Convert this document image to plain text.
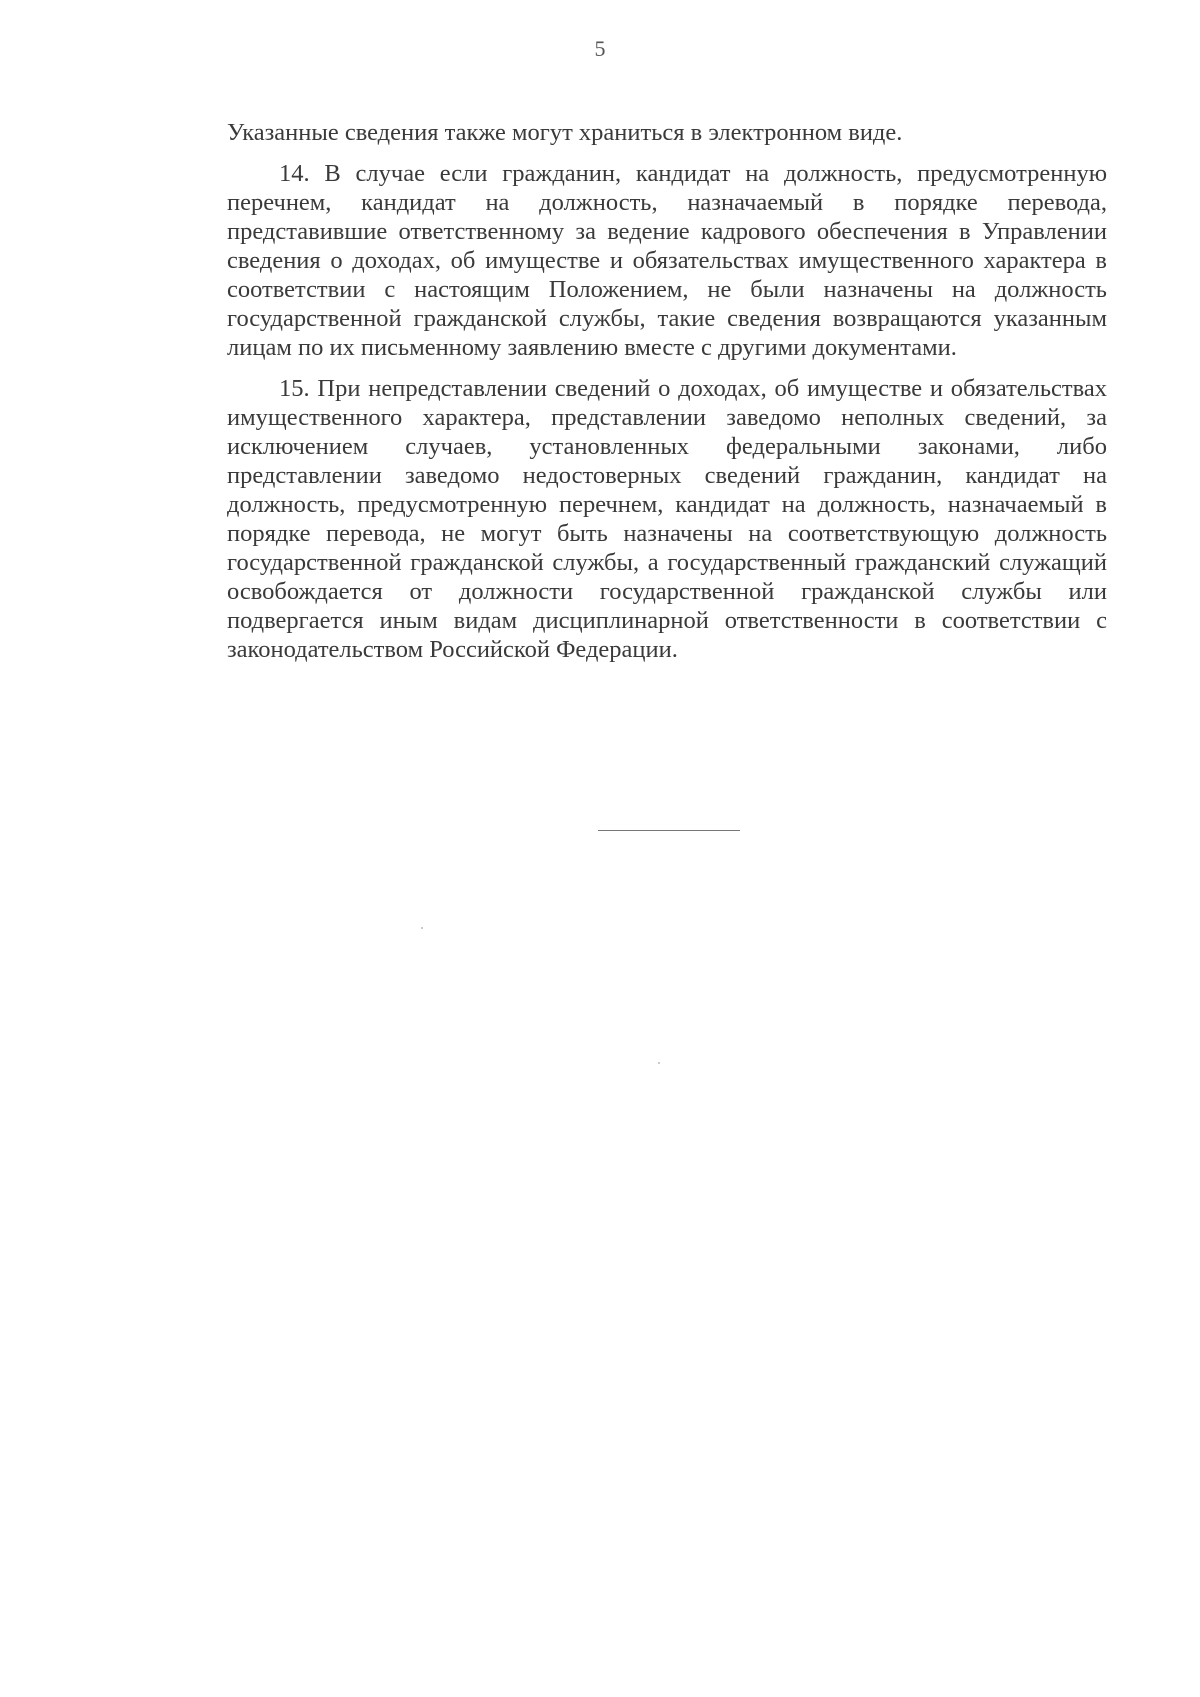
5

Указанные сведения также могут храниться в электронном виде.

14. В случае если гражданин, кандидат на должность, предусмотренную перечнем, кандидат на должность, назначаемый в порядке перевода, представившие ответственному за ведение кадрового обеспечения в Управлении сведения о доходах, об имуществе и обязательствах имущественного характера в соответствии с настоящим Положением, не были назначены на должность государственной гражданской службы, такие сведения возвращаются указанным лицам по их письменному заявлению вместе с другими документами.

15. При непредставлении сведений о доходах, об имуществе и обязательствах имущественного характера, представлении заведомо неполных сведений, за исключением случаев, установленных федеральными законами, либо представлении заведомо недостоверных сведений гражданин, кандидат на должность, предусмотренную перечнем, кандидат на должность, назначаемый в порядке перевода, не могут быть назначены на соответствующую должность государственной гражданской службы, а государственный гражданский служащий освобождается от должности государственной гражданской службы или подвергается иным видам дисциплинарной ответственности в соответствии с законодательством Российской Федерации.
